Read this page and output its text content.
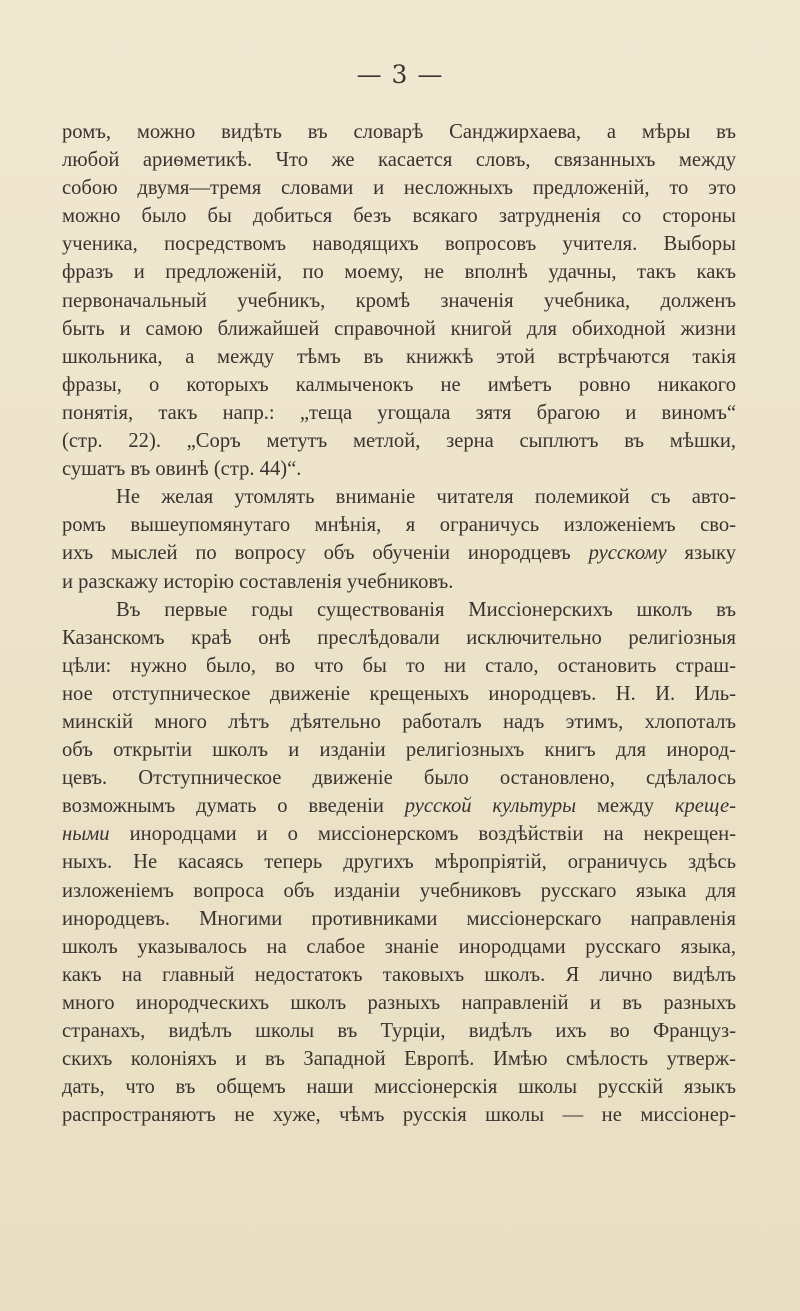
— 3 —
ромъ, можно видѣть въ словарѣ Санджирхаева, а мѣры въ
любой ариѳметикѣ. Что же касается словъ, связанныхъ между
собою двумя—тремя словами и несложныхъ предложеній, то это
можно было бы добиться безъ всякаго затрудненія со стороны
ученика, посредствомъ наводящихъ вопросовъ учителя. Выборы
фразъ и предложеній, по моему, не вполнѣ удачны, такъ какъ
первоначальный учебникъ, кромѣ значенія учебника, долженъ
быть и самою ближайшей справочной книгой для обиходной жизни
школьника, а между тѣмъ въ книжкѣ этой встрѣчаются такія
фразы, о которыхъ калмыченокъ не имѣетъ ровно никакого
понятія, такъ напр.: „теща угощала зятя брагою и виномъ“
(стр. 22). „Соръ метутъ метлой, зерна сыплютъ въ мѣшки,
сушатъ въ овинѣ (стр. 44)“.
Не желая утомлять вниманіе читателя полемикой съ авто-
ромъ вышеупомянутаго мнѣнія, я ограничусь изложеніемъ сво-
ихъ мыслей по вопросу объ обученіи инородцевъ русскому языку
и разскажу исторію составленія учебниковъ.
Въ первые годы существованія Миссіонерскихъ школъ въ
Казанскомъ краѣ онѣ преслѣдовали исключительно религіозныя
цѣли: нужно было, во что бы то ни стало, остановить страш-
ное отступническое движеніе крещеныхъ инородцевъ. Н. И. Иль-
минскій много лѣтъ дѣятельно работалъ надъ этимъ, хлопоталъ
объ открытіи школъ и изданіи религіозныхъ книгъ для инород-
цевъ. Отступническое движеніе было остановлено, сдѣлалось
возможнымъ думать о введеніи русской культуры между креще-
ными инородцами и о миссіонерскомъ воздѣйствіи на некрещен-
ныхъ. Не касаясь теперь другихъ мѣропріятій, ограничусь здѣсь
изложеніемъ вопроса объ изданіи учебниковъ русскаго языка для
инородцевъ. Многими противниками миссіонерскаго направленія
школъ указывалось на слабое знаніе инородцами русскаго языка,
какъ на главный недостатокъ таковыхъ школъ. Я лично видѣлъ
много инородческихъ школъ разныхъ направленій и въ разныхъ
странахъ, видѣлъ школы въ Турціи, видѣлъ ихъ во Француз-
скихъ колоніяхъ и въ Западной Европѣ. Имѣю смѣлость утверж-
дать, что въ общемъ наши миссіонерскія школы русскій языкъ
распространяютъ не хуже, чѣмъ русскія школы — не миссіонер-
